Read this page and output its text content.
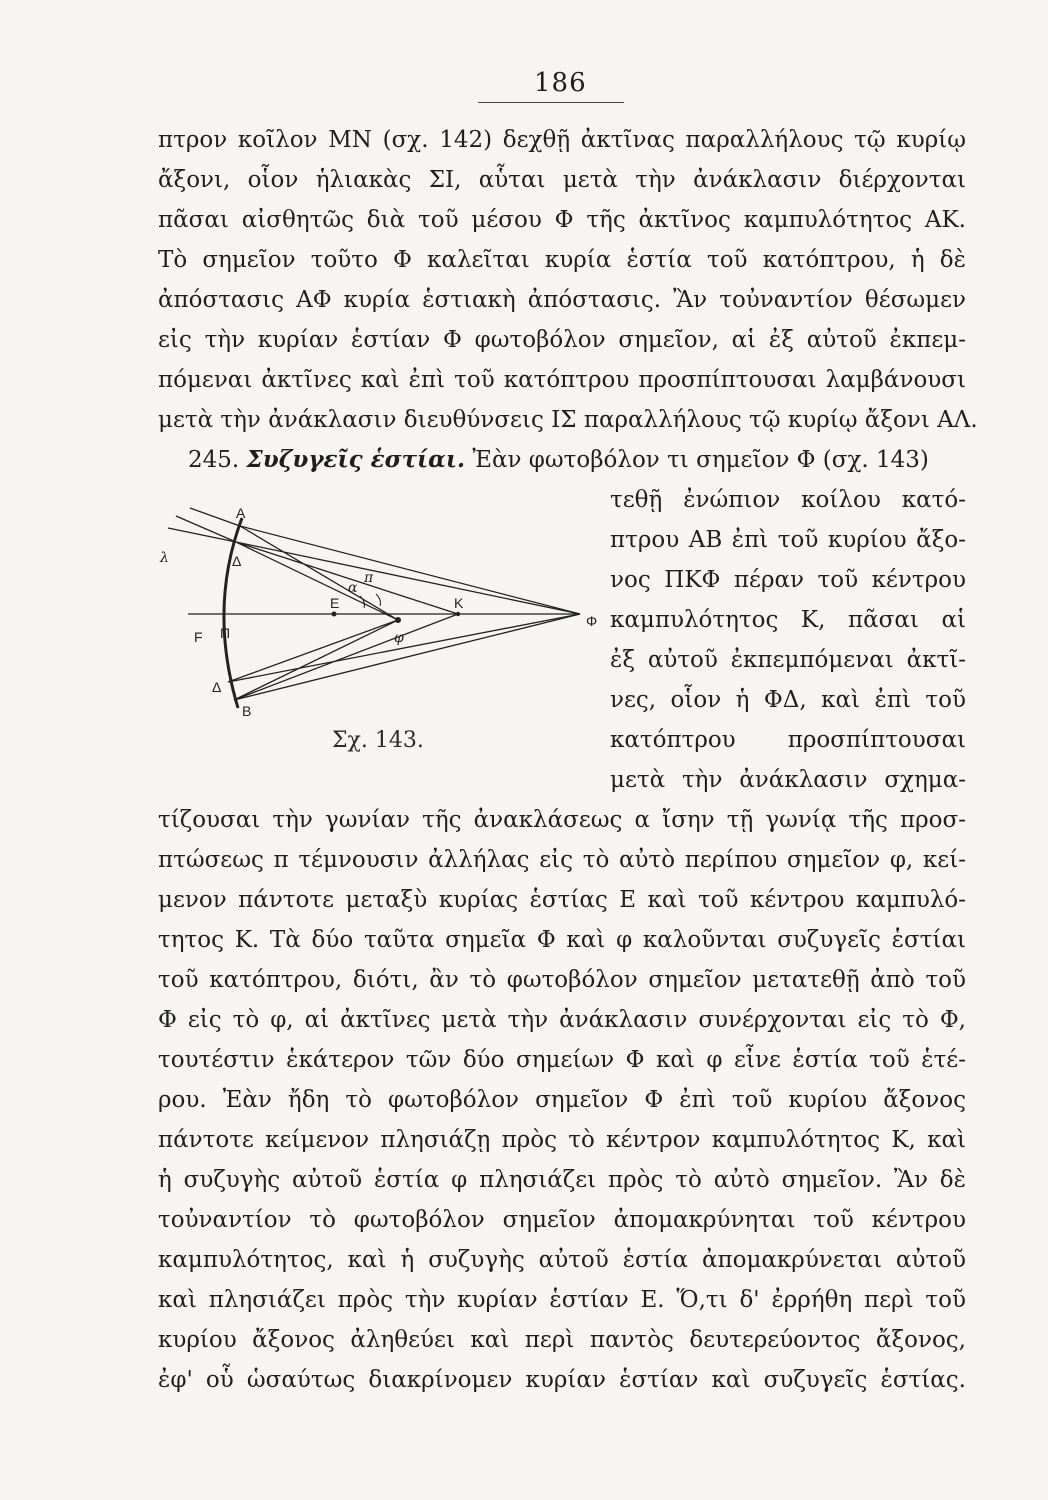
186
πτρον κοῖλον ΜΝ (σχ. 142) δεχθῇ ἀκτῖνας παραλλήλους τῷ κυρίῳ
ἄξονι, οἷον ἡλιακὰς ΣΙ, αὗται μετὰ τὴν ἀνάκλασιν διέρχονται
πᾶσαι αἰσθητῶς διὰ τοῦ μέσου Φ τῆς ἀκτῖνος καμπυλότητος ΑΚ.
Τὸ σημεῖον τοῦτο Φ καλεῖται κυρία ἑστία τοῦ κατόπτρου, ἡ δὲ
ἀπόστασις ΑΦ κυρία ἑστιακὴ ἀπόστασις. Ἂν τοὐναντίον θέσωμεν
εἰς τὴν κυρίαν ἑστίαν Φ φωτοβόλον σημεῖον, αἱ ἐξ αὐτοῦ ἐκπεμ-
πόμεναι ἀκτῖνες καὶ ἐπὶ τοῦ κατόπτρου προσπίπτουσαι λαμβάνουσι
μετὰ τὴν ἀνάκλασιν διευθύνσεις ΙΣ παραλλήλους τῷ κυρίῳ ἄξονι ΑΛ.
245. Συζυγεῖς ἑστίαι. Ἐὰν φωτοβόλον τι σημεῖον Φ (σχ. 143)
τεθῇ ἐνώπιον κοίλου κατό-
πτρου ΑΒ ἐπὶ τοῦ κυρίου ἄξο-
νος ΠΚΦ πέραν τοῦ κέντρου
καμπυλότητος Κ, πᾶσαι αἱ
ἐξ αὐτοῦ ἐκπεμπόμεναι ἀκτῖ-
νες, οἷον ἡ ΦΔ, καὶ ἐπὶ τοῦ
κατόπτρου προσπίπτουσαι
μετὰ τὴν ἀνάκλασιν σχημα-
A
Δ
λ
α
π
E	K
φ
F Π
Φ
Δ
B
Σχ. 143.
τίζουσαι τὴν γωνίαν τῆς ἀνακλάσεως α ἴσην τῇ γωνίᾳ τῆς προσ-
πτώσεως π τέμνουσιν ἀλλήλας εἰς τὸ αὐτὸ περίπου σημεῖον φ, κεί-
μενον πάντοτε μεταξὺ κυρίας ἑστίας Ε καὶ τοῦ κέντρου καμπυλό-
τητος Κ. Τὰ δύο ταῦτα σημεῖα Φ καὶ φ καλοῦνται συζυγεῖς ἑστίαι
τοῦ κατόπτρου, διότι, ἂν τὸ φωτοβόλον σημεῖον μετατεθῇ ἀπὸ τοῦ
Φ εἰς τὸ φ, αἱ ἀκτῖνες μετὰ τὴν ἀνάκλασιν συνέρχονται εἰς τὸ Φ,
τουτέστιν ἑκάτερον τῶν δύο σημείων Φ καὶ φ εἶνε ἑστία τοῦ ἑτέ-
ρου. Ἐὰν ἤδη τὸ φωτοβόλον σημεῖον Φ ἐπὶ τοῦ κυρίου ἄξονος
πάντοτε κείμενον πλησιάζῃ πρὸς τὸ κέντρον καμπυλότητος Κ, καὶ
ἡ συζυγὴς αὐτοῦ ἑστία φ πλησιάζει πρὸς τὸ αὐτὸ σημεῖον. Ἂν δὲ
τοὐναντίον τὸ φωτοβόλον σημεῖον ἀπομακρύνηται τοῦ κέντρου
καμπυλότητος, καὶ ἡ συζυγὴς αὐτοῦ ἑστία ἀπομακρύνεται αὐτοῦ
καὶ πλησιάζει πρὸς τὴν κυρίαν ἑστίαν Ε. Ὅ,τι δ' ἐρρήθη περὶ τοῦ
κυρίου ἄξονος ἀληθεύει καὶ περὶ παντὸς δευτερεύοντος ἄξονος,
ἐφ' οὗ ὡσαύτως διακρίνομεν κυρίαν ἑστίαν καὶ συζυγεῖς ἑστίας.
